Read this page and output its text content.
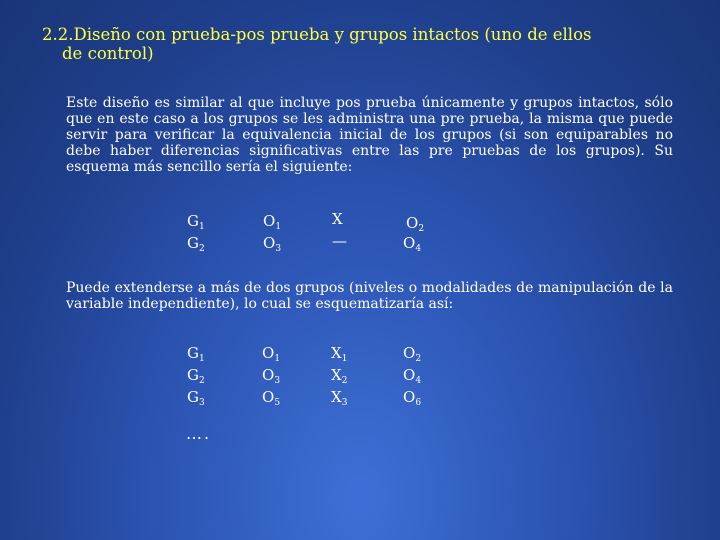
2.2.Diseño con prueba-pos prueba y grupos intactos (uno de ellos
de control)
Este diseño es similar al que incluye pos prueba únicamente y grupos intactos, sólo que en este caso a los grupos se les administra una pre prueba, la misma que puede servir para verificar la equivalencia inicial de los grupos (si son equiparables no debe haber diferencias significativas entre las pre pruebas de los grupos). Su esquema más sencillo sería el siguiente:
$G_1$	$O_1$	X	$O_2$
$G_2$	$O_3$	—	$O_4$
Puede extenderse a más de dos grupos (niveles o modalidades de manipulación de la variable independiente), lo cual se esquematizaría así:
$G_1$	$O_1$	$X_1$	$O_2$
$G_2$	$O_3$	$X_2$	$O_4$
$G_3$	$O_5$	$X_3$	$O_6$
….
